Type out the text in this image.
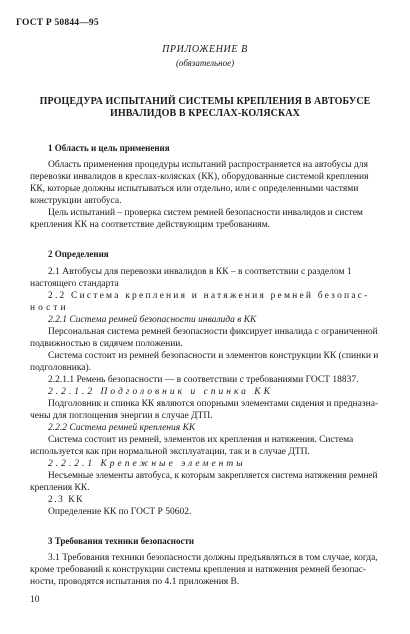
ГОСТ Р 50844—95
ПРИЛОЖЕНИЕ В
(обязательное)
ПРОЦЕДУРА ИСПЫТАНИЙ СИСТЕМЫ КРЕПЛЕНИЯ В АВТОБУСЕ
ИНВАЛИДОВ В КРЕСЛАХ-КОЛЯСКАХ
1 Область и цель применения
Область применения процедуры испытаний распространяется на автобусы для
перевозки инвалидов в креслах-колясках (КК), оборудованные системой крепления
КК, которые должны испытываться или отдельно, или с определенными частями
конструкции автобуса.
Цель испытаний – проверка систем ремней безопасности инвалидов и систем
крепления КК на соответствие действующим требованиям.
2 Определения
2.1 Автобусы для перевозки инвалидов в КК – в соответствии с разделом 1
настоящего стандарта
2.2 Система крепления и натяжения ремней безопас-
ности
2.2.1 Система ремней безопасности инвалида в КК
Персональная система ремней безопасности фиксирует инвалида с ограниченной
подвижностью в сидячем положении.
Система состоит из ремней безопасности и элементов конструкции КК (спинки и
подголовника).
2.2.1.1 Ремень безопасности — в соответствии с требованиями ГОСТ 18837.
2.2.1.2 Подголовник и спинка КК
Подголовник и спинка КК являются опорными элементами сидения и предназна-
чены для поглощения энергии в случае ДТП.
2.2.2 Система ремней крепления КК
Система состоит из ремней, элементов их крепления и натяжения. Система
используется как при нормальной эксплуатации, так и в случае ДТП.
2.2.2.1 Крепежные элементы
Несъемные элементы автобуса, к которым закрепляется система натяжения ремней
крепления КК.
2.3 КК
Определение КК по ГОСТ Р 50602.
3 Требования техники безопасности
3.1 Требования техники безопасности должны предъявляться в том случае, когда,
кроме требований к конструкции системы крепления и натяжения ремней безопас-
ности, проводятся испытания по 4.1 приложения В.
10
